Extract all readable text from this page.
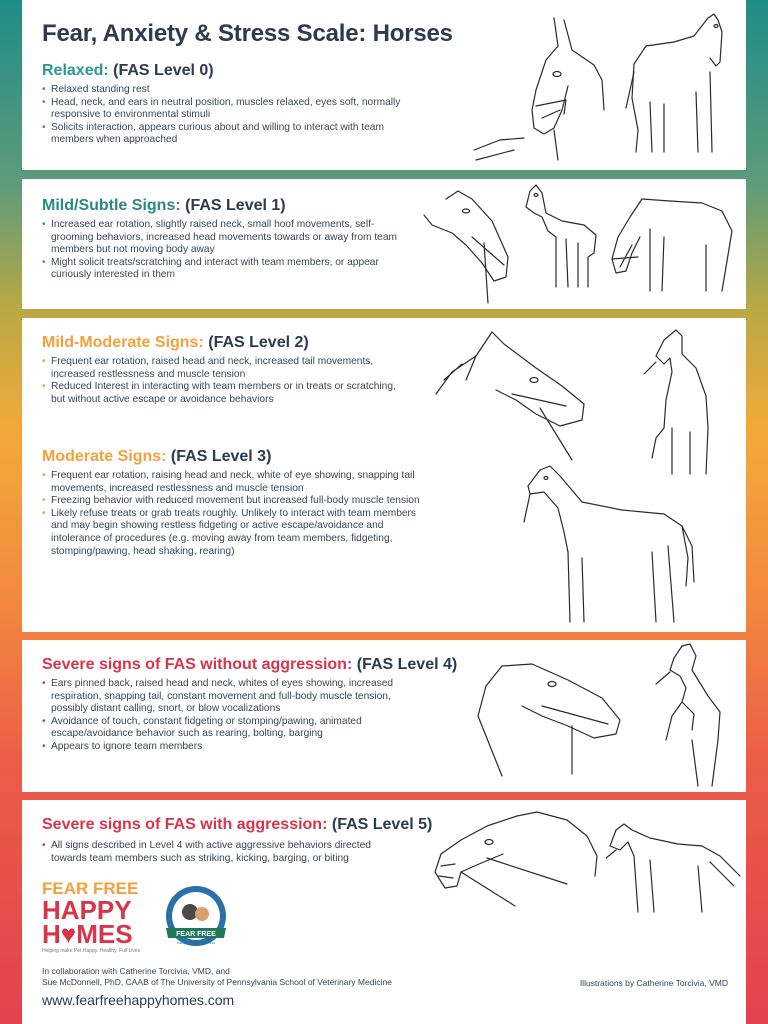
Fear, Anxiety & Stress Scale: Horses
Relaxed: (FAS Level 0)
• Relaxed standing rest
• Head, neck, and ears in neutral position, muscles relaxed, eyes soft, normally responsive to environmental stimuli
• Solicits interaction, appears curious about and willing to interact with team members when approached
Mild/Subtle Signs: (FAS Level 1)
• Increased ear rotation, slightly raised neck, small hoof movements, self-grooming behaviors, increased head movements towards or away from team members but not moving body away
• Might solicit treats/scratching and interact with team members, or appear curiously interested in them
Mild-Moderate Signs: (FAS Level 2)
• Frequent ear rotation, raised head and neck, increased tail movements, increased restlessness and muscle tension
• Reduced Interest in interacting with team members or in treats or scratching, but without active escape or avoidance behaviors
Moderate Signs: (FAS Level 3)
• Frequent ear rotation, raising head and neck, white of eye showing, snapping tail movements, increased restlessness and muscle tension
• Freezing behavior with reduced movement but increased full-body muscle tension
• Likely refuse treats or grab treats roughly. Unlikely to interact with team members and may begin showing restless fidgeting or active escape/avoidance and intolerance of procedures (e.g. moving away from team members, fidgeting, stomping/pawing, head shaking, rearing)
Severe signs of FAS without aggression: (FAS Level 4)
• Ears pinned back, raised head and neck, whites of eyes showing, increased respiration, snapping tail, constant movement and full-body muscle tension, possibly distant calling, snort, or blow vocalizations
• Avoidance of touch, constant fidgeting or stomping/pawing, animated escape/avoidance behavior such as rearing, bolting, barging
• Appears to ignore team members
Severe signs of FAS with aggression: (FAS Level 5)
• All signs described in Level 4 with active aggressive behaviors directed towards team members such as striking, kicking, barging, or biting
FEAR FREE
HAPPY
H♥MES
Helping make Pet Happy. Healthy. Full Lives.
FEAR FREE
Taking the pet out of petrified
In collaboration with Catherine Torcivia, VMD, and
Sue McDonnell, PhD, CAAB of The University of Pennsylvania School of Veterinary Medicine	Illustrations by Catherine Torcivia, VMD
www.fearfreehappyhomes.com
